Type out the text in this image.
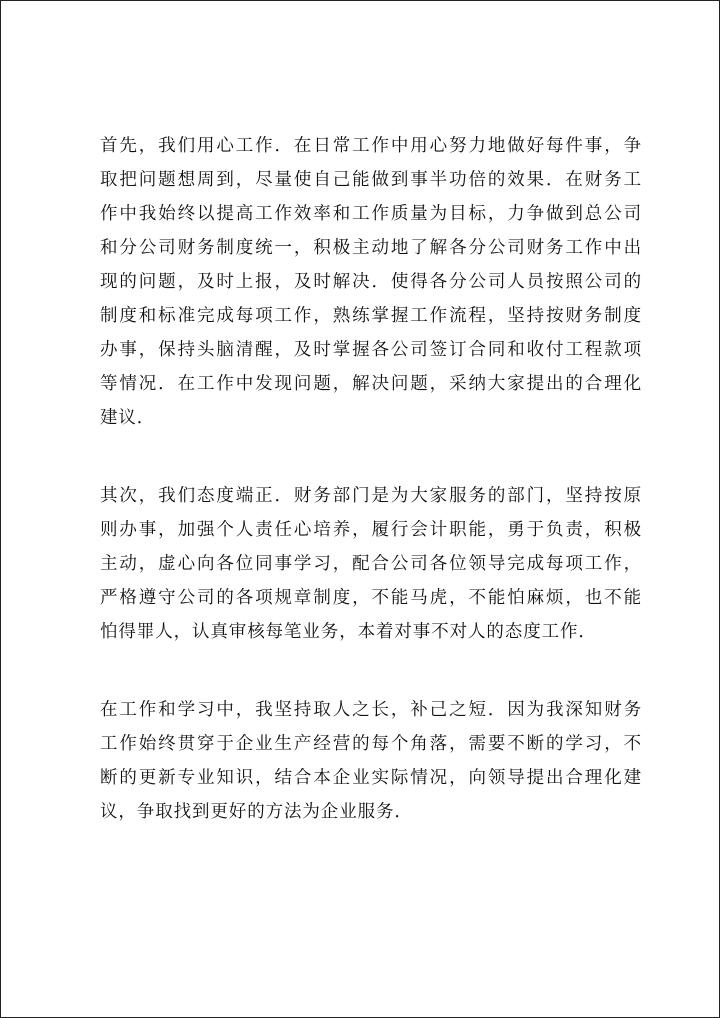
首先，我们用心工作．在日常工作中用心努力地做好每件事，争
取把问题想周到，尽量使自己能做到事半功倍的效果．在财务工
作中我始终以提高工作效率和工作质量为目标，力争做到总公司
和分公司财务制度统一，积极主动地了解各分公司财务工作中出
现的问题，及时上报，及时解决．使得各分公司人员按照公司的
制度和标准完成每项工作，熟练掌握工作流程，坚持按财务制度
办事，保持头脑清醒，及时掌握各公司签订合同和收付工程款项
等情况．在工作中发现问题，解决问题，采纳大家提出的合理化
建议．
其次，我们态度端正．财务部门是为大家服务的部门，坚持按原
则办事，加强个人责任心培养，履行会计职能，勇于负责，积极
主动，虚心向各位同事学习，配合公司各位领导完成每项工作，
严格遵守公司的各项规章制度，不能马虎，不能怕麻烦，也不能
怕得罪人，认真审核每笔业务，本着对事不对人的态度工作．
在工作和学习中，我坚持取人之长，补己之短．因为我深知财务
工作始终贯穿于企业生产经营的每个角落，需要不断的学习，不
断的更新专业知识，结合本企业实际情况，向领导提出合理化建
议，争取找到更好的方法为企业服务．
